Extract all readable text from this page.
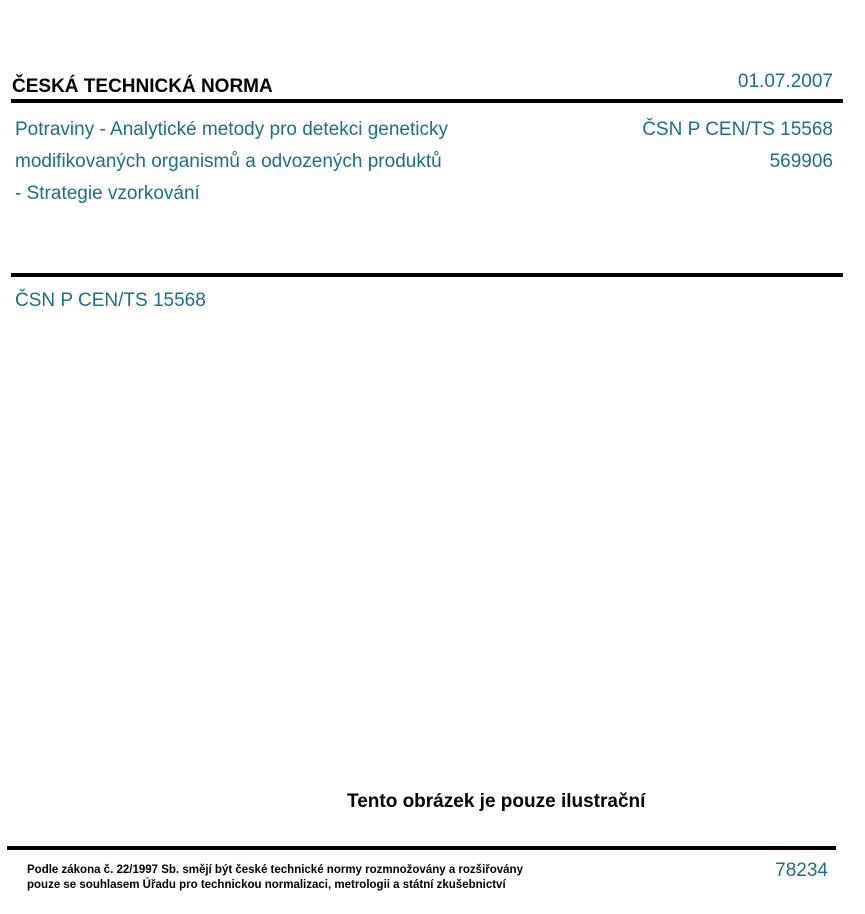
ČESKÁ TECHNICKÁ NORMA	01.07.2007
Potraviny - Analytické metody pro detekci geneticky
modifikovaných organismů a odvozených produktů
- Strategie vzorkování
ČSN P CEN/TS 15568
569906
ČSN P CEN/TS 15568
Tento obrázek je pouze ilustrační
Podle zákona č. 22/1997 Sb. smějí být české technické normy rozmnožovány a rozšiřovány
pouze se souhlasem Úřadu pro technickou normalizaci, metrologii a státní zkušebnictví
78234
